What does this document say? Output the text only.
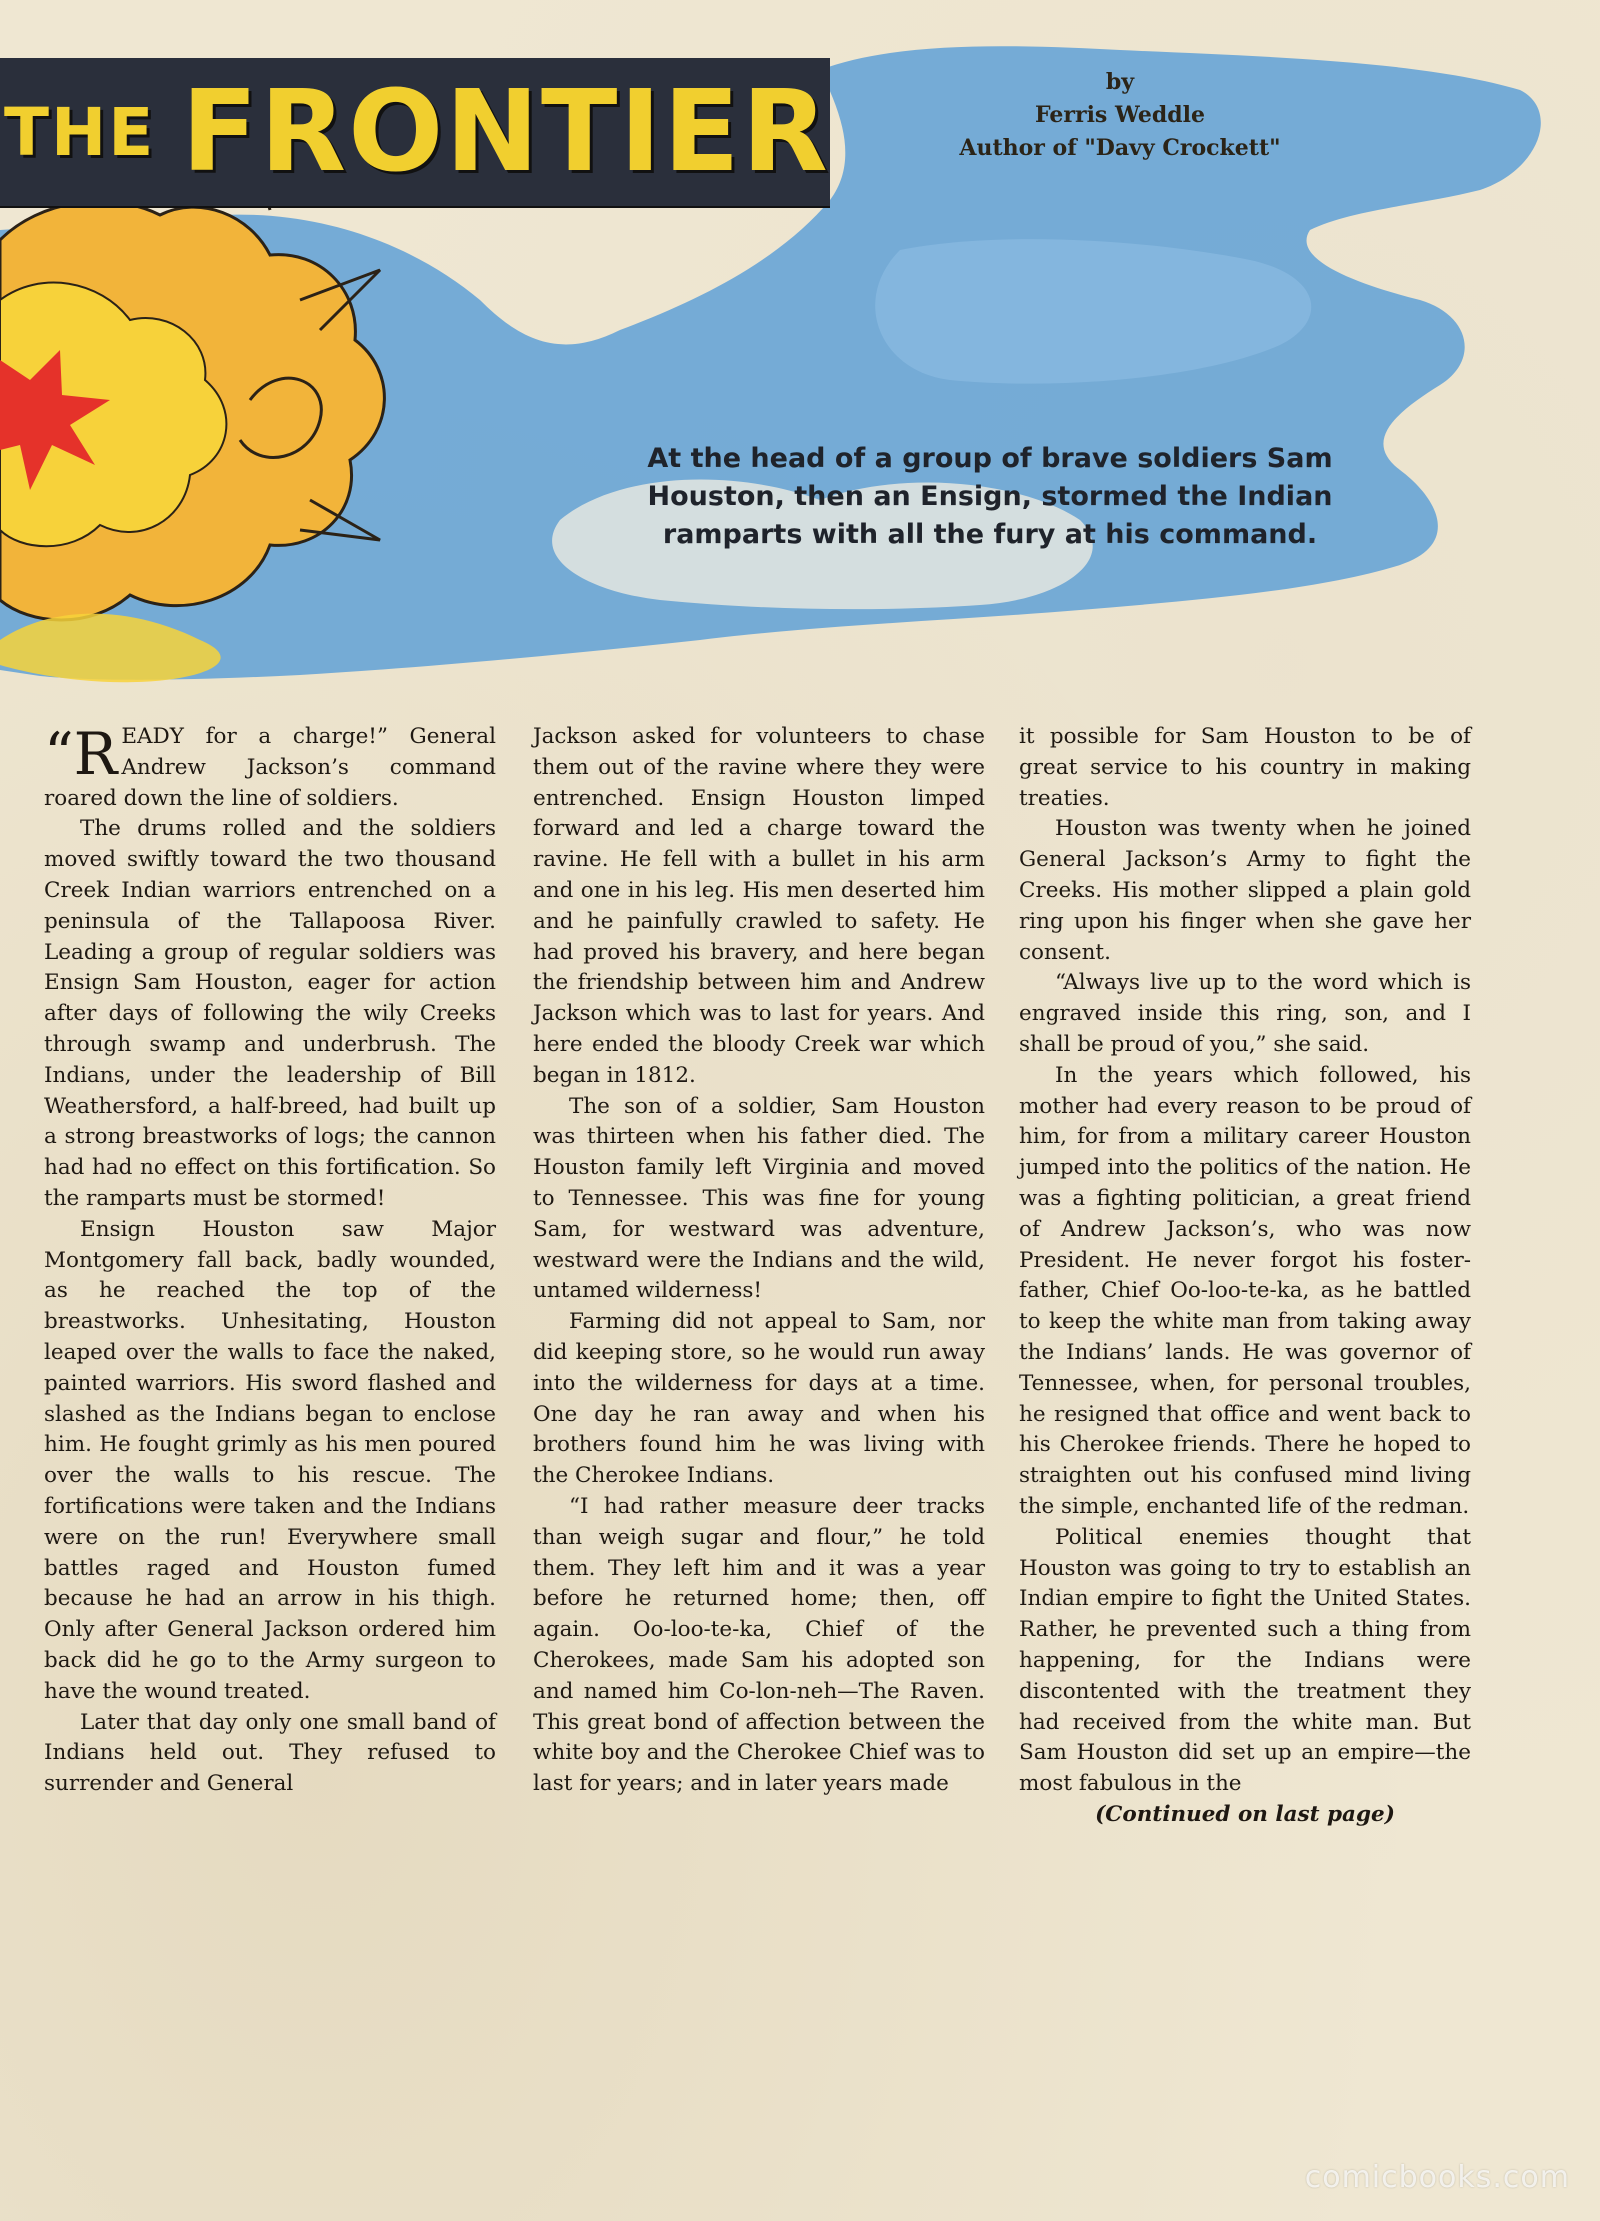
THE FRONTIER	by
Ferris Weddle
Author of "Davy Crockett"
At the head of a group of brave soldiers Sam Houston, then an Ensign, stormed the Indian ramparts with all the fury at his command.

“READY for a charge!” General Andrew Jackson’s command roared down the line of soldiers.

The drums rolled and the soldiers moved swiftly toward the two thousand Creek Indian warriors entrenched on a peninsula of the Tallapoosa River. Leading a group of regular soldiers was Ensign Sam Houston, eager for action after days of following the wily Creeks through swamp and underbrush. The Indians, under the leadership of Bill Weathersford, a half-breed, had built up a strong breastworks of logs; the cannon had had no effect on this fortification. So the ramparts must be stormed!

Ensign Houston saw Major Montgomery fall back, badly wounded, as he reached the top of the breastworks. Unhesitating, Houston leaped over the walls to face the naked, painted warriors. His sword flashed and slashed as the Indians began to enclose him. He fought grimly as his men poured over the walls to his rescue. The fortifications were taken and the Indians were on the run! Everywhere small battles raged and Houston fumed because he had an arrow in his thigh. Only after General Jackson ordered him back did he go to the Army surgeon to have the wound treated.

Later that day only one small band of Indians held out. They refused to surrender and General

Jackson asked for volunteers to chase them out of the ravine where they were entrenched. Ensign Houston limped forward and led a charge toward the ravine. He fell with a bullet in his arm and one in his leg. His men deserted him and he painfully crawled to safety. He had proved his bravery, and here began the friendship between him and Andrew Jackson which was to last for years. And here ended the bloody Creek war which began in 1812.

The son of a soldier, Sam Houston was thirteen when his father died. The Houston family left Virginia and moved to Tennessee. This was fine for young Sam, for westward was adventure, westward were the Indians and the wild, untamed wilderness!

Farming did not appeal to Sam, nor did keeping store, so he would run away into the wilderness for days at a time. One day he ran away and when his brothers found him he was living with the Cherokee Indians.

“I had rather measure deer tracks than weigh sugar and flour,” he told them. They left him and it was a year before he returned home; then, off again. Oo-loo-te-ka, Chief of the Cherokees, made Sam his adopted son and named him Co-lon-neh—The Raven. This great bond of affection between the white boy and the Cherokee Chief was to last for years; and in later years made

it possible for Sam Houston to be of great service to his country in making treaties.

Houston was twenty when he joined General Jackson’s Army to fight the Creeks. His mother slipped a plain gold ring upon his finger when she gave her consent.

“Always live up to the word which is engraved inside this ring, son, and I shall be proud of you,” she said.

In the years which followed, his mother had every reason to be proud of him, for from a military career Houston jumped into the politics of the nation. He was a fighting politician, a great friend of Andrew Jackson’s, who was now President. He never forgot his foster-father, Chief Oo-loo-te-ka, as he battled to keep the white man from taking away the Indians’ lands. He was governor of Tennessee, when, for personal troubles, he resigned that office and went back to his Cherokee friends. There he hoped to straighten out his confused mind living the simple, enchanted life of the redman.

Political enemies thought that Houston was going to try to establish an Indian empire to fight the United States. Rather, he prevented such a thing from happening, for the Indians were discontented with the treatment they had received from the white man. But Sam Houston did set up an empire—the most fabulous in the

(Continued on last page)

comicbooks.com
